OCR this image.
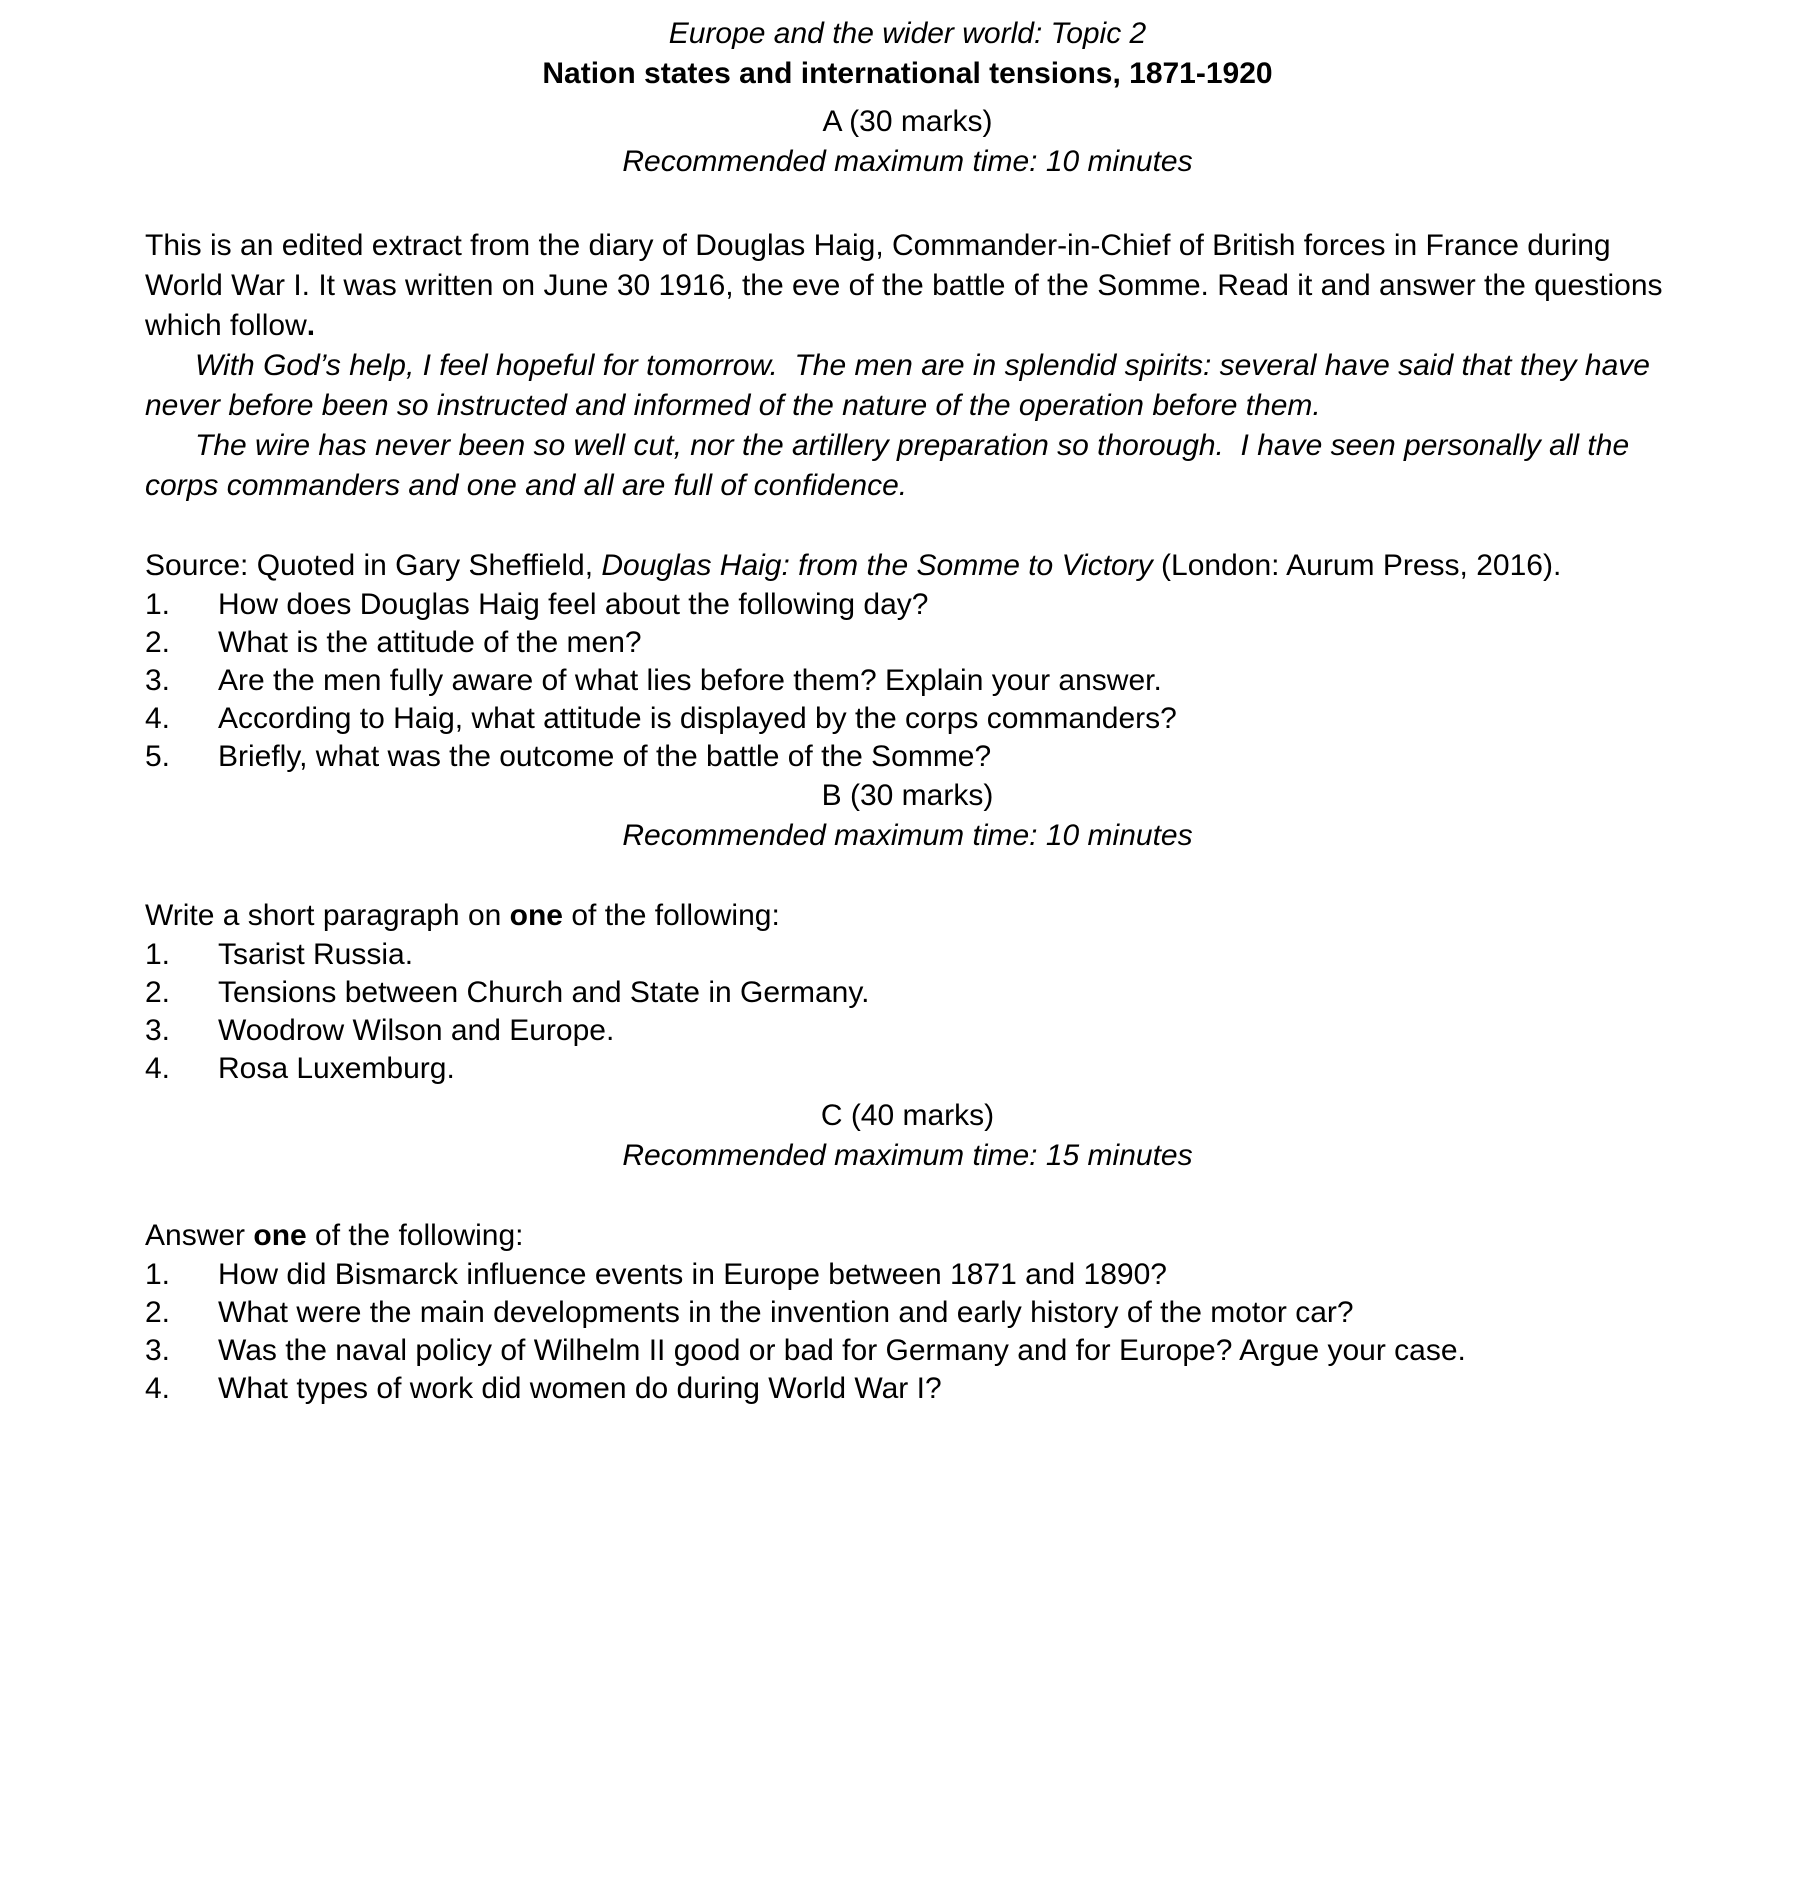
Europe and the wider world: Topic 2
Nation states and international tensions, 1871-1920
A (30 marks)
Recommended maximum time: 10 minutes

This is an edited extract from the diary of Douglas Haig, Commander-in-Chief of British forces in France during World War I. It was written on June 30 1916, the eve of the battle of the Somme. Read it and answer the questions which follow.

With God’s help, I feel hopeful for tomorrow.  The men are in splendid spirits: several have said that they have never before been so instructed and informed of the nature of the operation before them.

The wire has never been so well cut, nor the artillery preparation so thorough.  I have seen personally all the corps commanders and one and all are full of confidence.

Source: Quoted in Gary Sheffield, Douglas Haig: from the Somme to Victory (London: Aurum Press, 2016).

1.	How does Douglas Haig feel about the following day?
2.	What is the attitude of the men?
3.	Are the men fully aware of what lies before them? Explain your answer.
4.	According to Haig, what attitude is displayed by the corps commanders?
5.	Briefly, what was the outcome of the battle of the Somme?
B (30 marks)
Recommended maximum time: 10 minutes

Write a short paragraph on one of the following:

1.	Tsarist Russia.
2.	Tensions between Church and State in Germany.
3.	Woodrow Wilson and Europe.
4.	Rosa Luxemburg.
C (40 marks)
Recommended maximum time: 15 minutes

Answer one of the following:

1.	How did Bismarck influence events in Europe between 1871 and 1890?
2.	What were the main developments in the invention and early history of the motor car?
3.	Was the naval policy of Wilhelm II good or bad for Germany and for Europe? Argue your case.
4.	What types of work did women do during World War I?
